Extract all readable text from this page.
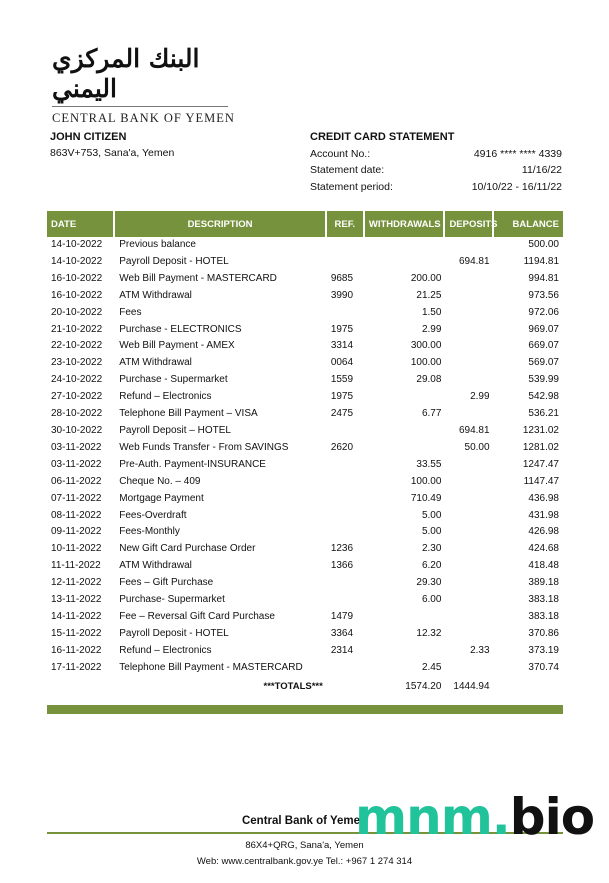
البنك المركزي اليمني
CENTRAL BANK OF YEMEN
JOHN CITIZEN
863V+753, Sana'a, Yemen
CREDIT CARD STATEMENT
Account No.:	4916 **** **** 4339
Statement date:	11/16/22
Statement period:	10/10/22 - 16/11/22
DATE	DESCRIPTION	REF.	WITHDRAWALS	DEPOSITS	BALANCE
14-10-2022	Previous balance				500.00
14-10-2022	Payroll Deposit - HOTEL			694.81	1194.81
16-10-2022	Web Bill Payment - MASTERCARD	9685	200.00		994.81
16-10-2022	ATM Withdrawal	3990	21.25		973.56
20-10-2022	Fees		1.50		972.06
21-10-2022	Purchase - ELECTRONICS	1975	2.99		969.07
22-10-2022	Web Bill Payment - AMEX	3314	300.00		669.07
23-10-2022	ATM Withdrawal	0064	100.00		569.07
24-10-2022	Purchase - Supermarket	1559	29.08		539.99
27-10-2022	Refund – Electronics	1975		2.99	542.98
28-10-2022	Telephone Bill Payment – VISA	2475	6.77		536.21
30-10-2022	Payroll Deposit – HOTEL			694.81	1231.02
03-11-2022	Web Funds Transfer - From SAVINGS	2620		50.00	1281.02
03-11-2022	Pre-Auth. Payment-INSURANCE		33.55		1247.47
06-11-2022	Cheque No. – 409		100.00		1147.47
07-11-2022	Mortgage Payment		710.49		436.98
08-11-2022	Fees-Overdraft		5.00		431.98
09-11-2022	Fees-Monthly		5.00		426.98
10-11-2022	New Gift Card Purchase Order	1236	2.30		424.68
11-11-2022	ATM Withdrawal	1366	6.20		418.48
12-11-2022	Fees – Gift Purchase		29.30		389.18
13-11-2022	Purchase- Supermarket		6.00		383.18
14-11-2022	Fee – Reversal Gift Card Purchase	1479			383.18
15-11-2022	Payroll Deposit - HOTEL	3364	12.32		370.86
16-11-2022	Refund – Electronics	2314		2.33	373.19
17-11-2022	Telephone Bill Payment - MASTERCARD		2.45		370.74
	***TOTALS***		1574.20	1444.94	
Central Bank of Yemen
86X4+QRG, Sana'a, Yemen
Web: www.centralbank.gov.ye Tel.: +967 1 274 314
mnm.bio
